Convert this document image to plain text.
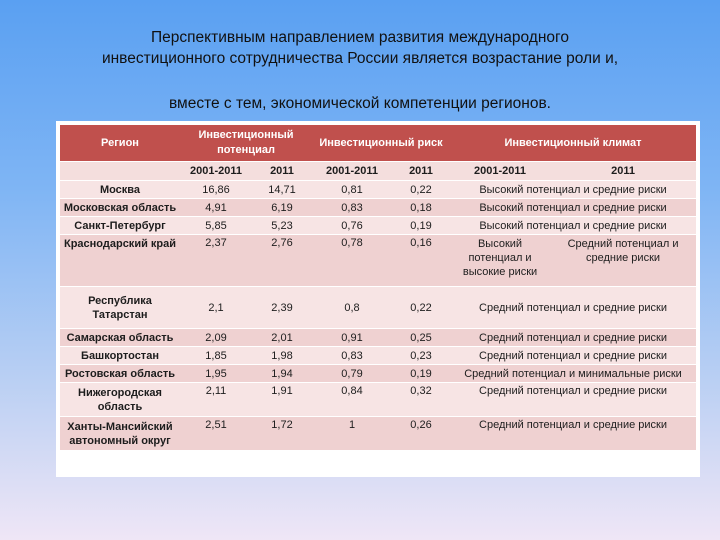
Перспективным направлением развития международного
инвестиционного сотрудничества России является возрастание роли и,
вместе с тем, экономической компетенции регионов.
Регион	Инвестиционный потенциал		Инвестиционный риск		Инвестиционный климат	
	2001-2011	2011	2001-2011	2011	2001-2011	2011
Москва	16,86	14,71	0,81	0,22	Высокий потенциал и средние риски	
Московская область	4,91	6,19	0,83	0,18	Высокий потенциал и средние риски	
Санкт-Петербург	5,85	5,23	0,76	0,19	Высокий потенциал и средние риски	
Краснодарский край	2,37	2,76	0,78	0,16	Высокий потенциал и высокие риски	Средний потенциал и средние риски
Республика Татарстан	2,1	2,39	0,8	0,22	Средний потенциал и средние риски	
Самарская область	2,09	2,01	0,91	0,25	Средний потенциал и средние риски	
Башкортостан	1,85	1,98	0,83	0,23	Средний потенциал и средние риски	
Ростовская область	1,95	1,94	0,79	0,19	Средний потенциал и минимальные риски	
Нижегородская область	2,11	1,91	0,84	0,32	Средний потенциал и средние риски	
Ханты-Мансийский автономный округ	2,51	1,72	1	0,26	Средний потенциал и средние риски	
